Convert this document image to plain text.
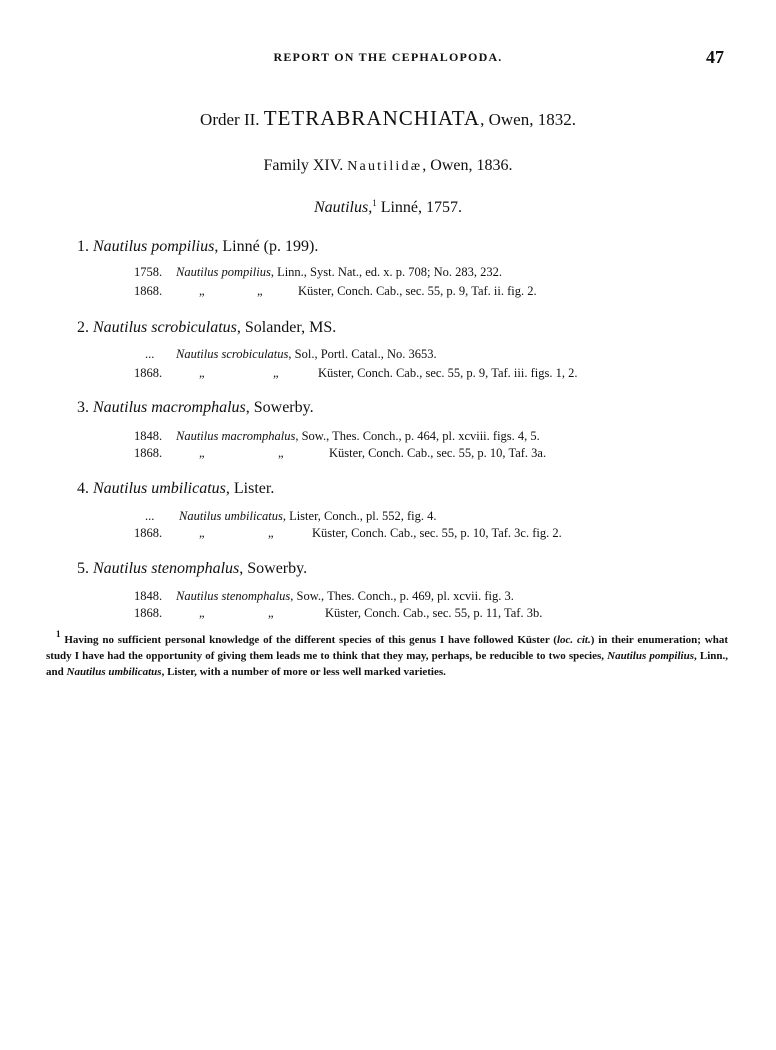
REPORT ON THE CEPHALOPODA.	47
Order II. TETRABRANCHIATA, Owen, 1832.
Family XIV. Nautilidæ, Owen, 1836.
Nautilus,$^1$ Linné, 1757.
1. Nautilus pompilius, Linné (p. 199).
1758. Nautilus pompilius, Linn., Syst. Nat., ed. x. p. 708; No. 283, 232.
1868.	„	„	Küster, Conch. Cab., sec. 55, p. 9, Taf. ii. fig. 2.
2. Nautilus scrobiculatus, Solander, MS.
... Nautilus scrobiculatus, Sol., Portl. Catal., No. 3653.
1868.	„	„	Küster, Conch. Cab., sec. 55, p. 9, Taf. iii. figs. 1, 2.
3. Nautilus macromphalus, Sowerby.
1848. Nautilus macromphalus, Sow., Thes. Conch., p. 464, pl. xcviii. figs. 4, 5.
1868.	„	„	Küster, Conch. Cab., sec. 55, p. 10, Taf. 3a.
4. Nautilus umbilicatus, Lister.
... Nautilus umbilicatus, Lister, Conch., pl. 552, fig. 4.
1868.	„	„	Küster, Conch. Cab., sec. 55, p. 10, Taf. 3c. fig. 2.
5. Nautilus stenomphalus, Sowerby.
1848. Nautilus stenomphalus, Sow., Thes. Conch., p. 469, pl. xcvii. fig. 3.
1868.	„	„	Küster, Conch. Cab., sec. 55, p. 11, Taf. 3b.

$^1$ Having no sufficient personal knowledge of the different species of this genus I have followed Küster (loc. cit.) in their enumeration; what study I have had the opportunity of giving them leads me to think that they may, perhaps, be reducible to two species, Nautilus pompilius, Linn., and Nautilus umbilicatus, Lister, with a number of more or less well marked varieties.
